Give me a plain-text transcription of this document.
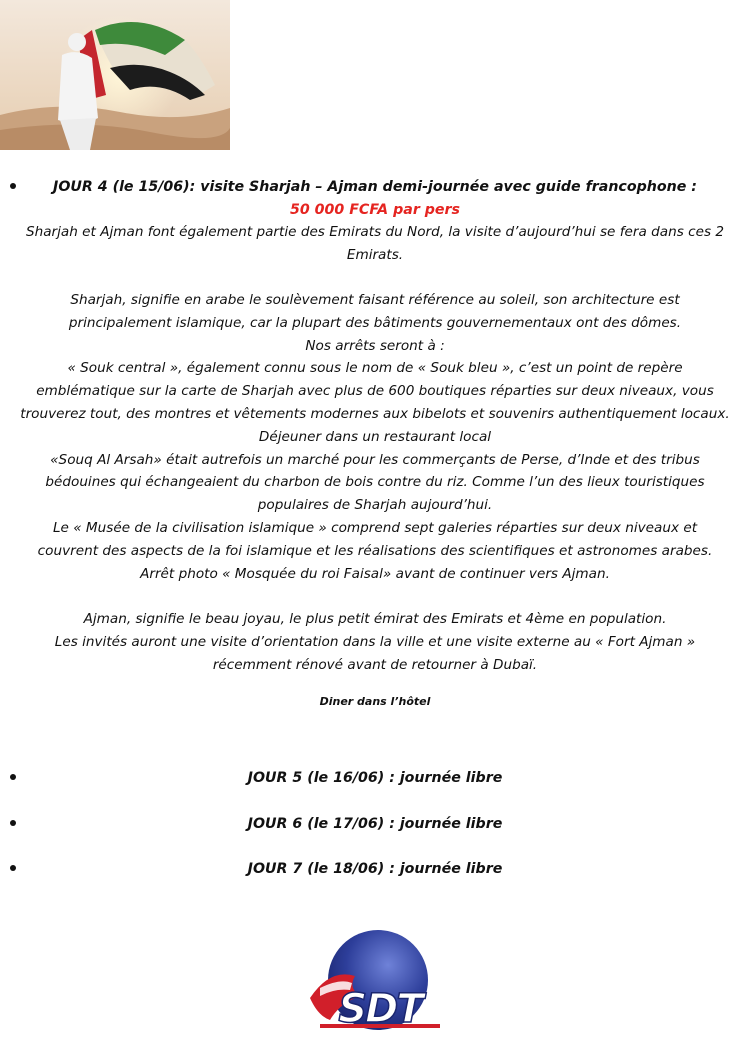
JOUR 4 (le 15/06): visite Sharjah – Ajman demi-journée avec guide francophone :
50 000 FCFA par pers
Sharjah et Ajman font également partie des Emirats du Nord, la visite d’aujourd’hui se fera dans ces 2 Emirats.
Sharjah, signifie en arabe le soulèvement faisant référence au soleil, son architecture est
principalement islamique, car la plupart des bâtiments gouvernementaux ont des dômes.
Nos arrêts seront à :
« Souk central », également connu sous le nom de « Souk bleu », c’est un point de repère
emblématique sur la carte de Sharjah avec plus de 600 boutiques réparties sur deux niveaux, vous
trouverez tout, des montres et vêtements modernes aux bibelots et souvenirs authentiquement locaux.
Déjeuner dans un restaurant local
«Souq Al Arsah» était autrefois un marché pour les commerçants de Perse, d’Inde et des tribus
bédouines qui échangeaient du charbon de bois contre du riz. Comme l’un des lieux touristiques
populaires de Sharjah aujourd’hui.
Le « Musée de la civilisation islamique » comprend sept galeries réparties sur deux niveaux et
couvrent des aspects de la foi islamique et les réalisations des scientifiques et astronomes arabes.
Arrêt photo « Mosquée du roi Faisal» avant de continuer vers Ajman.
Ajman, signifie le beau joyau, le plus petit émirat des Emirats et 4ème en population.
Les invités auront une visite d’orientation dans la ville et une visite externe au « Fort Ajman »
récemment rénové avant de retourner à Dubaï.
Diner dans l’hôtel
JOUR 5 (le 16/06) : journée libre
JOUR 6 (le 17/06) : journée libre
JOUR 7 (le 18/06) : journée libre
SDT
